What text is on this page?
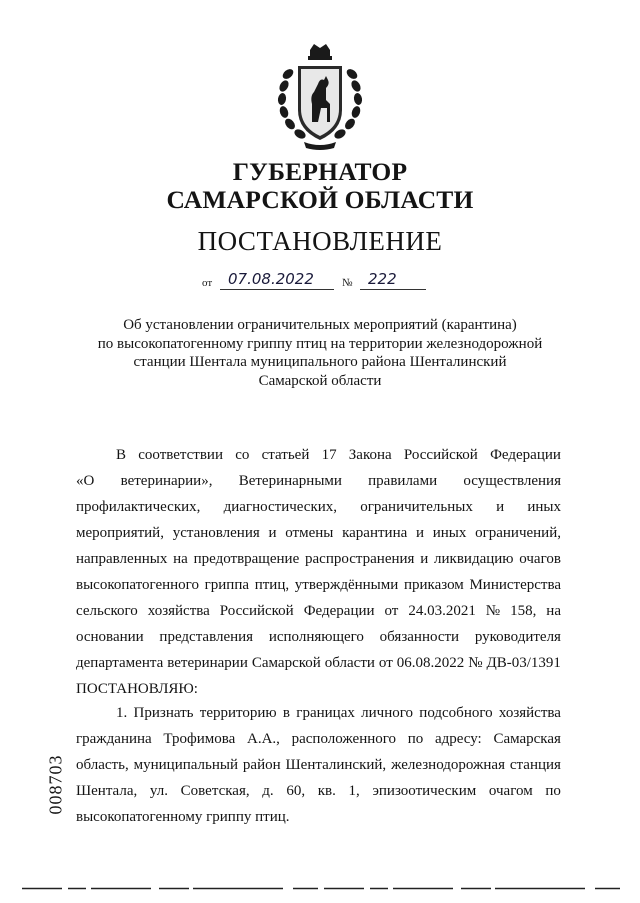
ГУБЕРНАТОР
САМАРСКОЙ ОБЛАСТИ
ПОСТАНОВЛЕНИЕ
от 07.08.2022	№ 222
Об установлении ограничительных мероприятий (карантина)
по высокопатогенному гриппу птиц на территории железнодорожной
станции Шентала муниципального района Шенталинский
Самарской области
В соответствии со статьей 17 Закона Российской Федерации
«О ветеринарии», Ветеринарными правилами осуществления
профилактических, диагностических, ограничительных и иных
мероприятий, установления и отмены карантина и иных ограничений,
направленных на предотвращение распространения и ликвидацию очагов
высокопатогенного гриппа птиц, утверждёнными приказом Министерства
сельского хозяйства Российской Федерации от 24.03.2021 № 158, на
основании представления исполняющего обязанности руководителя
департамента ветеринарии Самарской области от 06.08.2022 № ДВ-03/1391
ПОСТАНОВЛЯЮ:
1. Признать территорию в границах личного подсобного хозяйства
гражданина Трофимова А.А., расположенного по адресу: Самарская
область, муниципальный район Шенталинский, железнодорожная станция
Шентала, ул. Советская, д. 60, кв. 1, эпизоотическим очагом по
высокопатогенному гриппу птиц.
008703
